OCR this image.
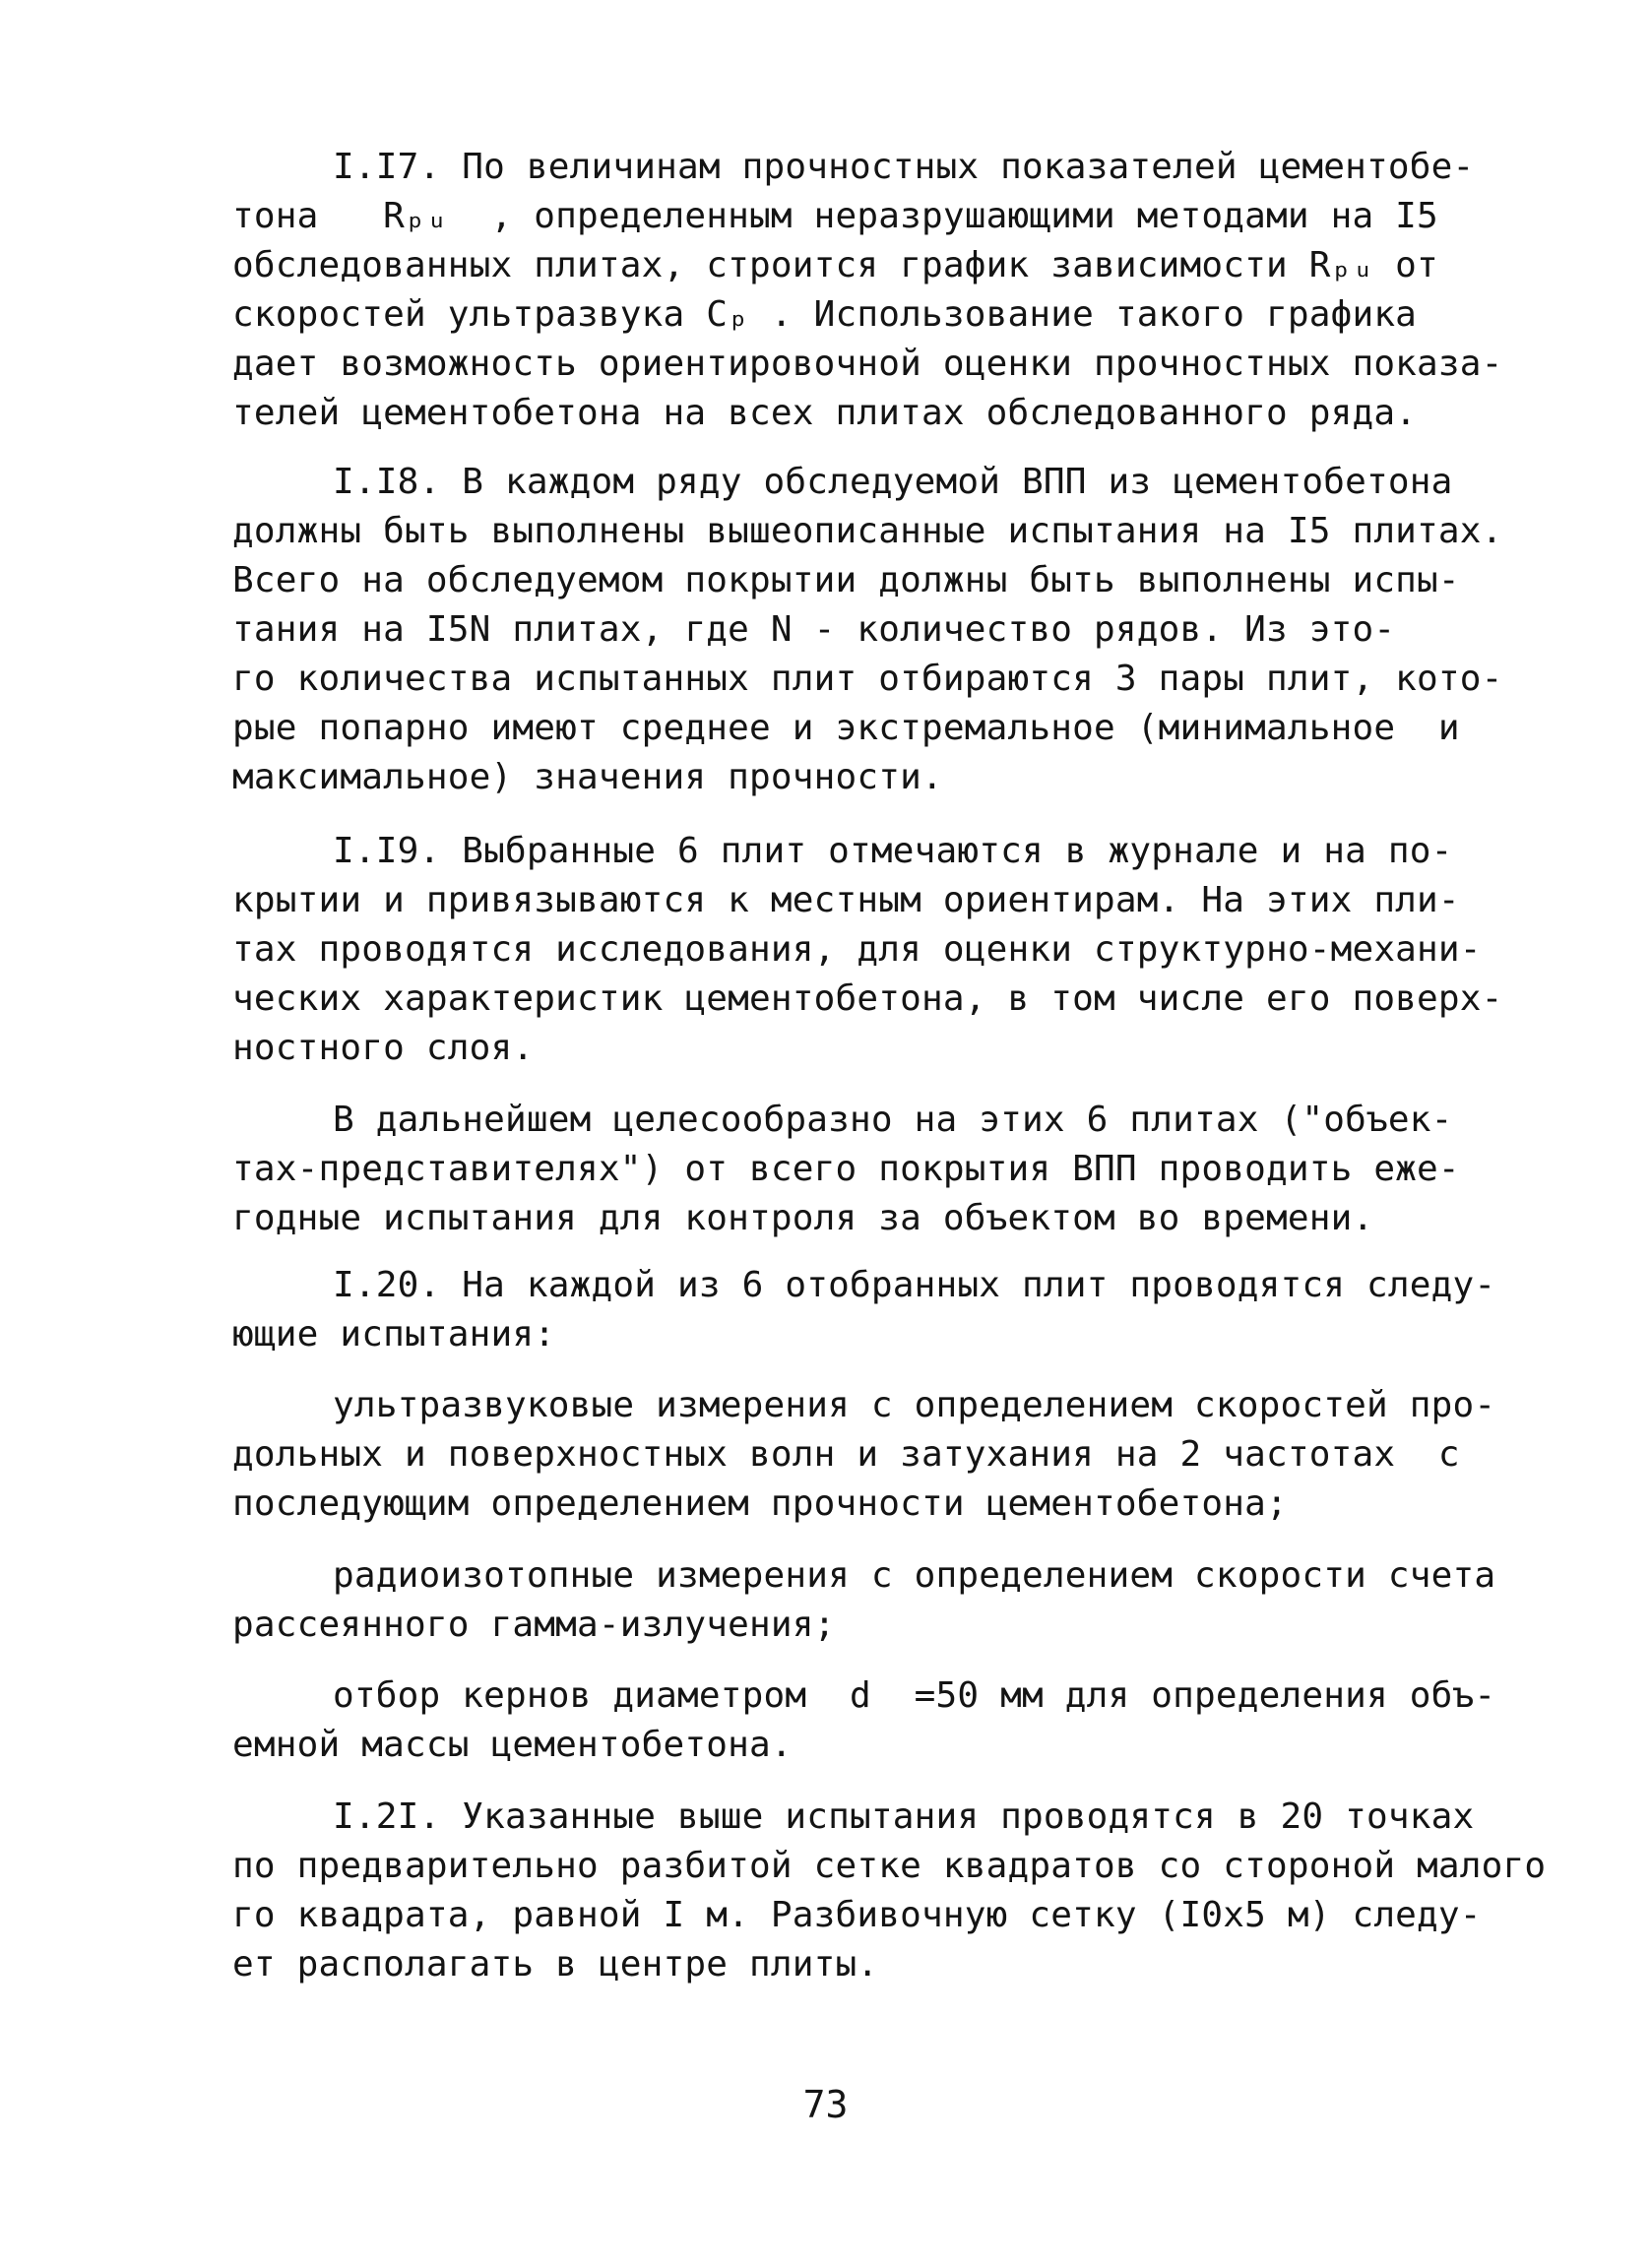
I.I7. По величинам прочностных показателей цементобе-
тона   Rₚᵤ  , определенным неразрушающими методами на I5
обследованных плитах, строится график зависимости Rₚᵤ от
скоростей ультразвука Cₚ . Использование такого графика
дает возможность ориентировочной оценки прочностных показа-
телей цементобетона на всех плитах обследованного ряда.
I.I8. В каждом ряду обследуемой ВПП из цементобетона
должны быть выполнены вышеописанные испытания на I5 плитах.
Всего на обследуемом покрытии должны быть выполнены испы-
тания на I5N плитах, где N - количество рядов. Из это-
го количества испытанных плит отбираются 3 пары плит, кото-
рые попарно имеют среднее и экстремальное (минимальное  и
максимальное) значения прочности.
I.I9. Выбранные 6 плит отмечаются в журнале и на по-
крытии и привязываются к местным ориентирам. На этих пли-
тах проводятся исследования, для оценки структурно-механи-
ческих характеристик цементобетона, в том числе его поверх-
ностного слоя.
В дальнейшем целесообразно на этих 6 плитах ("объек-
тах-представителях") от всего покрытия ВПП проводить еже-
годные испытания для контроля за объектом во времени.
I.20. На каждой из 6 отобранных плит проводятся следу-
ющие испытания:
ультразвуковые измерения с определением скоростей про-
дольных и поверхностных волн и затухания на 2 частотах  с
последующим определением прочности цементобетона;
радиоизотопные измерения с определением скорости счета
рассеянного гамма-излучения;
отбор кернов диаметром  d  =50 мм для определения объ-
емной массы цементобетона.
I.2I. Указанные выше испытания проводятся в 20 точках
по предварительно разбитой сетке квадратов со стороной малого
го квадрата, равной I м. Разбивочную сетку (I0х5 м) следу-
ет располагать в центре плиты.
73
